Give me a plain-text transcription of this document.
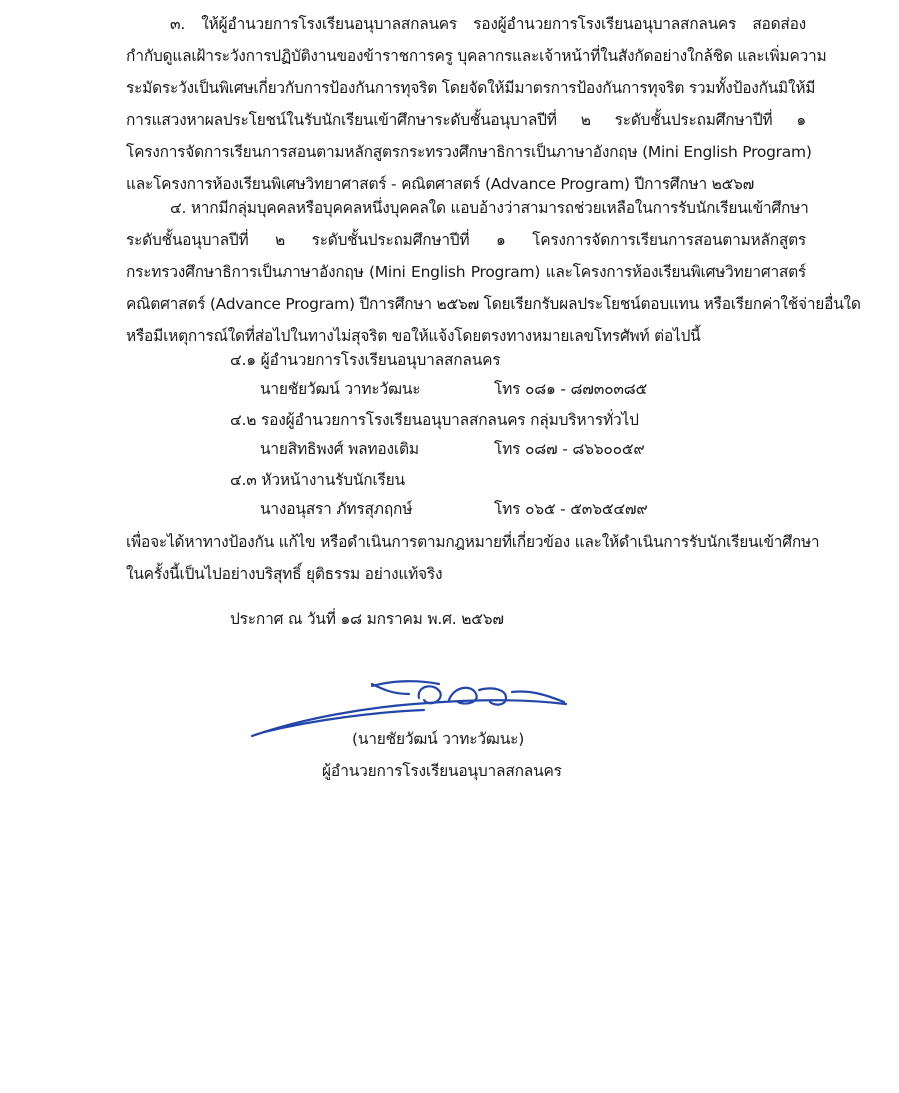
๓. ให้ผู้อำนวยการโรงเรียนอนุบาลสกลนคร รองผู้อำนวยการโรงเรียนอนุบาลสกลนคร สอดส่อง
กำกับดูแลเฝ้าระวังการปฏิบัติงานของข้าราชการครู บุคลากรและเจ้าหน้าที่ในสังกัดอย่างใกล้ชิด และเพิ่มความ
ระมัดระวังเป็นพิเศษเกี่ยวกับการป้องกันการทุจริต โดยจัดให้มีมาตรการป้องกันการทุจริต รวมทั้งป้องกันมิให้มี
การแสวงหาผลประโยชน์ในรับนักเรียนเข้าศึกษาระดับชั้นอนุบาลปีที่ ๒ ระดับชั้นประถมศึกษาปีที่ ๑
โครงการจัดการเรียนการสอนตามหลักสูตรกระทรวงศึกษาธิการเป็นภาษาอังกฤษ (Mini English Program)
และโครงการห้องเรียนพิเศษวิทยาศาสตร์ - คณิตศาสตร์ (Advance Program) ปีการศึกษา ๒๕๖๗
๔. หากมีกลุ่มบุคคลหรือบุคคลหนึ่งบุคคลใด แอบอ้างว่าสามารถช่วยเหลือในการรับนักเรียนเข้าศึกษา
ระดับชั้นอนุบาลปีที่ ๒ ระดับชั้นประถมศึกษาปีที่ ๑ โครงการจัดการเรียนการสอนตามหลักสูตร
กระทรวงศึกษาธิการเป็นภาษาอังกฤษ (Mini English Program) และโครงการห้องเรียนพิเศษวิทยาศาสตร์
คณิตศาสตร์ (Advance Program) ปีการศึกษา ๒๕๖๗ โดยเรียกรับผลประโยชน์ตอบแทน หรือเรียกค่าใช้จ่ายอื่นใด
หรือมีเหตุการณ์ใดที่ส่อไปในทางไม่สุจริต ขอให้แจ้งโดยตรงทางหมายเลขโทรศัพท์ ต่อไปนี้
๔.๑ ผู้อำนวยการโรงเรียนอนุบาลสกลนคร
นายชัยวัฒน์ วาทะวัฒนะ	โทร ๐๘๑ - ๘๗๓๐๓๘๕
๔.๒ รองผู้อำนวยการโรงเรียนอนุบาลสกลนคร กลุ่มบริหารทั่วไป
นายสิทธิพงศ์ พลทองเติม	โทร ๐๘๗ - ๘๖๖๐๐๕๙
๔.๓ หัวหน้างานรับนักเรียน
นางอนุสรา ภัทรสุภฤกษ์	โทร ๐๖๕ - ๕๓๖๕๔๗๙
เพื่อจะได้หาทางป้องกัน แก้ไข หรือดำเนินการตามกฎหมายที่เกี่ยวข้อง และให้ดำเนินการรับนักเรียนเข้าศึกษา
ในครั้งนี้เป็นไปอย่างบริสุทธิ์ ยุติธรรม อย่างแท้จริง
ประกาศ ณ วันที่ ๑๘ มกราคม พ.ศ. ๒๕๖๗
(นายชัยวัฒน์ วาทะวัฒนะ)
ผู้อำนวยการโรงเรียนอนุบาลสกลนคร
